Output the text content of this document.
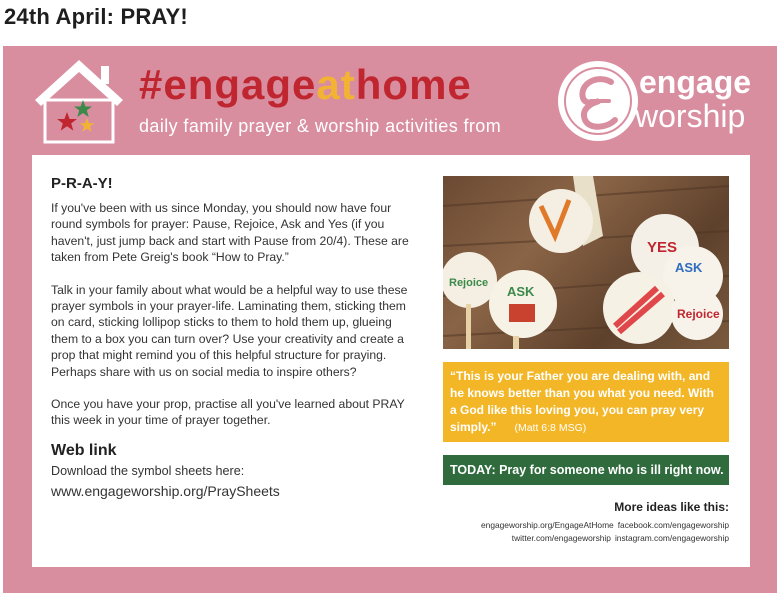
24th April: PRAY!
#engageathome
daily family prayer & worship activities from
engage
worship
P-R-A-Y!

If you've been with us since Monday, you should now have four round symbols for prayer: Pause, Rejoice, Ask and Yes (if you haven't, just jump back and start with Pause from 20/4). These are taken from Pete Greig's book “How to Pray.”

Talk in your family about what would be a helpful way to use these prayer symbols in your prayer-life. Laminating them, sticking them on card, sticking lollipop sticks to them to hold them up, glueing them to a box you can turn over? Use your creativity and create a prop that might remind you of this helpful structure for praying. Perhaps share with us on social media to inspire others?

Once you have your prop, practise all you've learned about PRAY this week in your time of prayer together.

Web link
Download the symbol sheets here:
www.engageworship.org/PraySheets
Rejoice
ASK
YES
ASK
Rejoice
“This is your Father you are dealing with, and he knows better than you what you need. With a God like this loving you, you can pray very simply.” (Matt 6:8 MSG)
TODAY: Pray for someone who is ill right now.
More ideas like this:
engageworship.org/EngageAtHome facebook.com/engageworship
twitter.com/engageworship instagram.com/engageworship
